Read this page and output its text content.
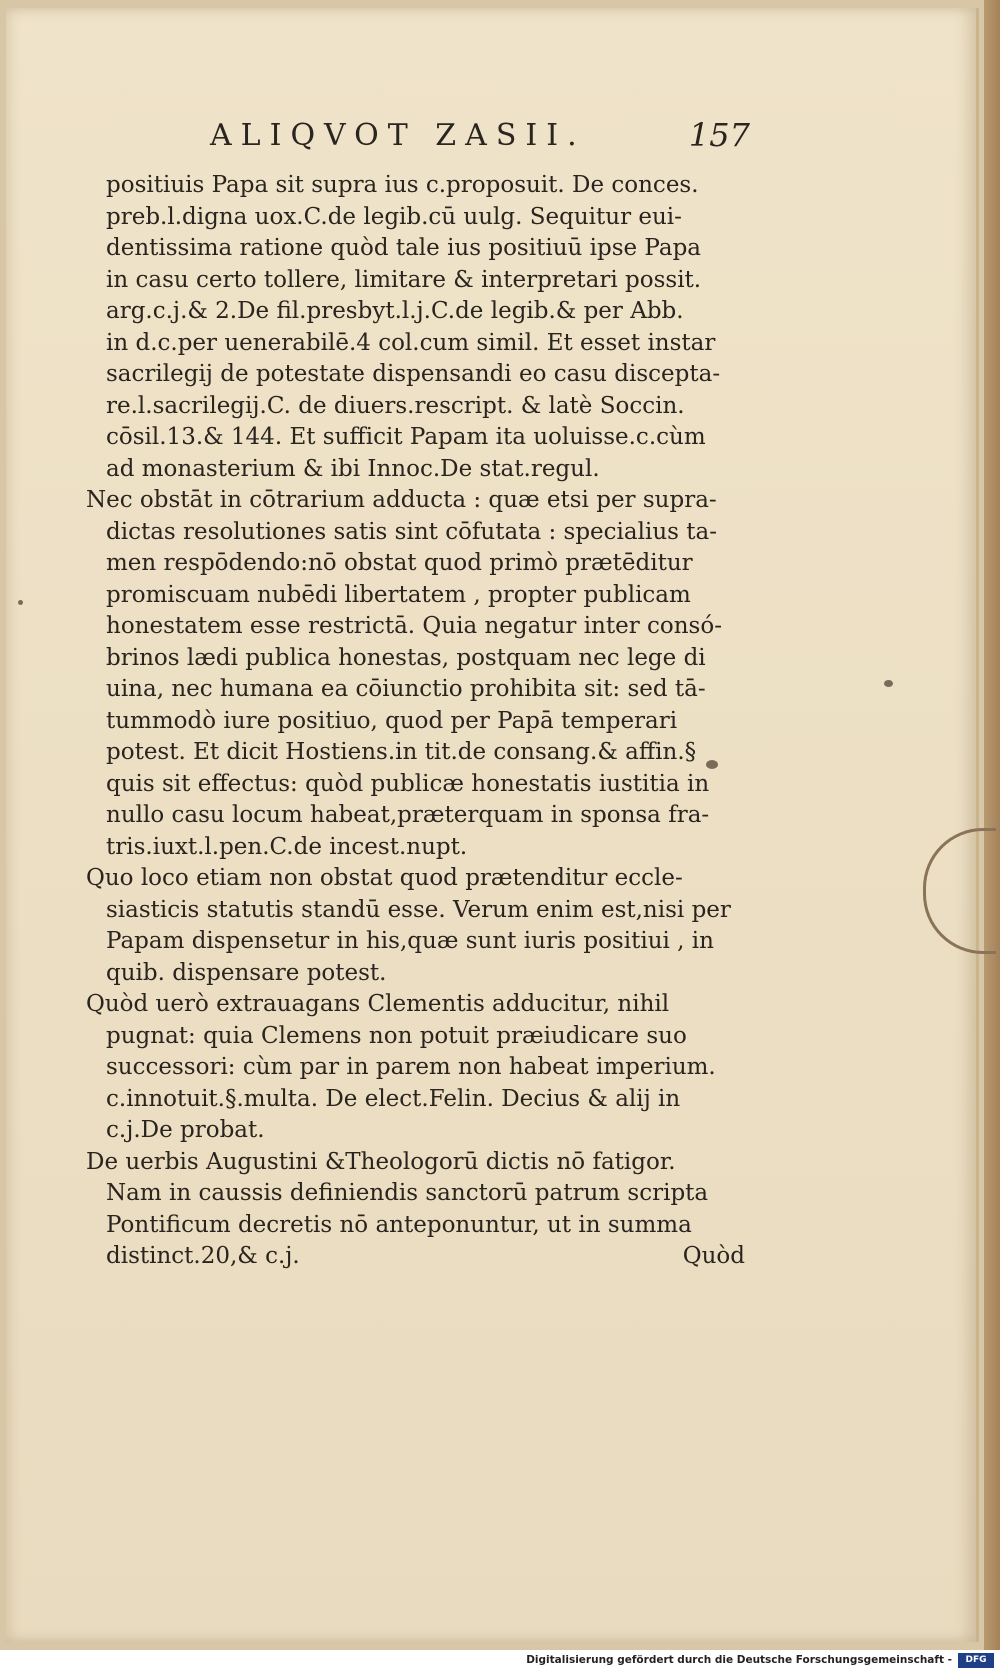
ALIQVOT ZASII.	157
positiuis Papa sit supra ius c.proposuit. De conces.
preb.l.digna uox.C.de legib.cū uulg. Sequitur eui-
dentissima ratione quòd tale ius positiuū ipse Papa
in casu certo tollere, limitare & interpretari possit.
arg.c.j.& 2.De fil.presbyt.l.j.C.de legib.& per Abb.
in d.c.per uenerabilē.4 col.cum simil. Et esset instar
sacrilegij de potestate dispensandi eo casu discepta-
re.l.sacrilegij.C. de diuers.rescript. & latè Soccin.
cōsil.13.& 144. Et sufficit Papam ita uoluisse.c.cùm
ad monasterium & ibi Innoc.De stat.regul.
Nec obstāt in cōtrarium adducta : quæ etsi per supra-
dictas resolutiones satis sint cōfutata : specialius ta-
men respōdendo:nō obstat quod primò prætēditur
promiscuam nubēdi libertatem , propter publicam
honestatem esse restrictā. Quia negatur inter consó-
brinos lædi publica honestas, postquam nec lege di
uina, nec humana ea cōiunctio prohibita sit: sed tā-
tummodò iure positiuo, quod per Papā temperari
potest. Et dicit Hostiens.in tit.de consang.& affin.§
quis sit effectus: quòd publicæ honestatis iustitia in
nullo casu locum habeat,præterquam in sponsa fra-
tris.iuxt.l.pen.C.de incest.nupt.
Quo loco etiam non obstat quod prætenditur eccle-
siasticis statutis standū esse. Verum enim est,nisi per
Papam dispensetur in his,quæ sunt iuris positiui , in
quib. dispensare potest.
Quòd uerò extrauagans Clementis adducitur, nihil
pugnat: quia Clemens non potuit præiudicare suo
successori: cùm par in parem non habeat imperium.
c.innotuit.§.multa. De elect.Felin. Decius & alij in
c.j.De probat.
De uerbis Augustini &Theologorū dictis nō fatigor.
Nam in caussis definiendis sanctorū patrum scripta
Pontificum decretis nō anteponuntur, ut in summa
distinct.20,& c.j.	Quòd
Digitalisierung gefördert durch die Deutsche Forschungsgemeinschaft -	DFG
